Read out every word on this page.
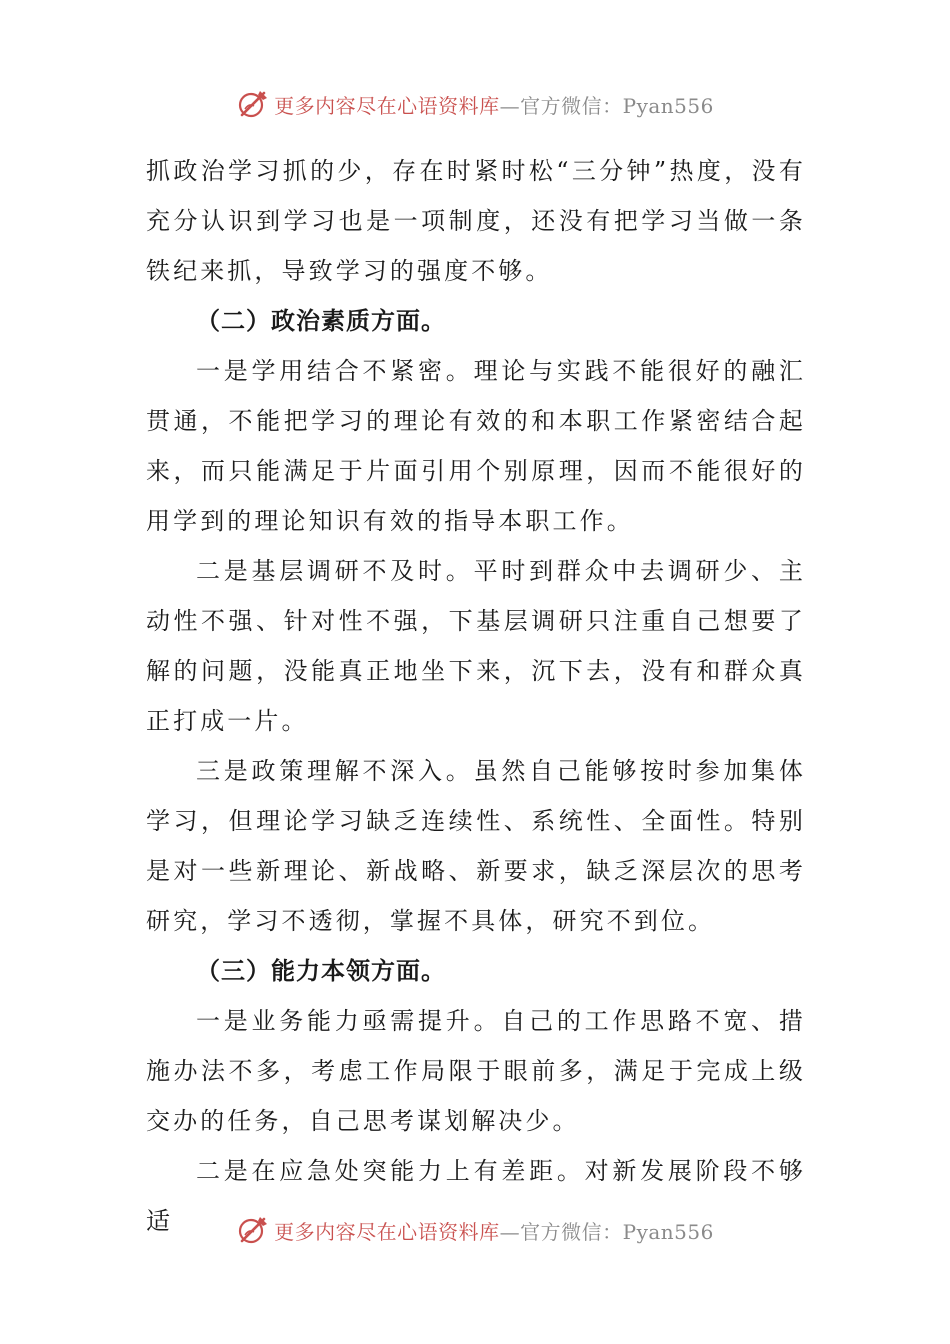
更多内容尽在心语资料库—官方微信：Pyan556

抓政治学习抓的少，存在时紧时松“三分钟”热度，没有充分认识到学习也是一项制度，还没有把学习当做一条铁纪来抓，导致学习的强度不够。

（二）政治素质方面。

一是学用结合不紧密。理论与实践不能很好的融汇贯通，不能把学习的理论有效的和本职工作紧密结合起来，而只能满足于片面引用个别原理，因而不能很好的用学到的理论知识有效的指导本职工作。

二是基层调研不及时。平时到群众中去调研少、主动性不强、针对性不强，下基层调研只注重自己想要了解的问题，没能真正地坐下来，沉下去，没有和群众真正打成一片。

三是政策理解不深入。虽然自己能够按时参加集体学习，但理论学习缺乏连续性、系统性、全面性。特别是对一些新理论、新战略、新要求，缺乏深层次的思考研究，学习不透彻，掌握不具体，研究不到位。

（三）能力本领方面。

一是业务能力亟需提升。自己的工作思路不宽、措施办法不多，考虑工作局限于眼前多，满足于完成上级交办的任务，自己思考谋划解决少。

二是在应急处突能力上有差距。对新发展阶段不够适	更多内容尽在心语资料库—官方微信：Pyan556
